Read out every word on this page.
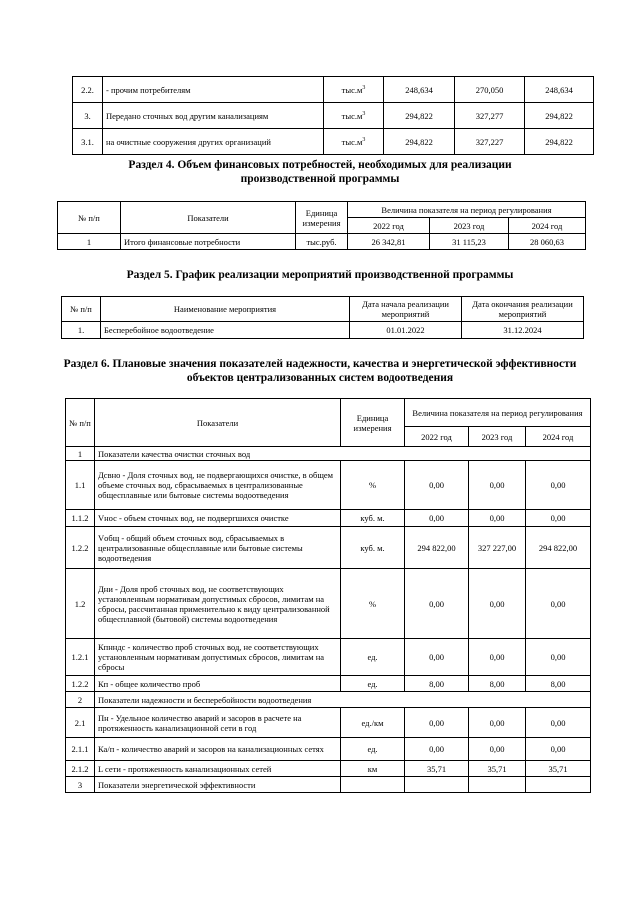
2.2.	- прочим потребителям	$тыс.м^3$	248,634	270,050	248,634
3.	Передано сточных вод другим канализациям	$тыс.м^3$	294,822	327,277	294,822
3.1.	на очистные сооружения других организаций	$тыс.м^3$	294,822	327,227	294,822
Раздел 4. Объем финансовых потребностей, необходимых для реализации
производственной программы
№ п/п	Показатели	Единица измерения	Величина показателя на период регулирования		
			2022 год	2023 год	2024 год
1	Итого финансовые потребности	тыс.руб.	26 342,81	31 115,23	28 060,63
Раздел 5. График реализации мероприятий производственной программы
№ п/п	Наименование мероприятия	Дата начала реализации мероприятий	Дата окончания реализации мероприятий
1.	Бесперебойное водоотведение	01.01.2022	31.12.2024
Раздел 6. Плановые значения показателей надежности, качества и энергетической эффективности
объектов централизованных систем водоотведения
№ п/п	Показатели	Единица измерения	Величина показателя на период регулирования		
			2022 год	2023 год	2024 год
1	Показатели качества очистки сточных вод				
1.1	Дсвно - Доля сточных вод, не подвергающихся очистке, в общем объеме сточных вод, сбрасываемых в централизованные общесплавные или бытовые системы водоотведения	%	0,00	0,00	0,00
1.1.2	Vнос - объем сточных вод, не подвергшихся очистке	куб. м.	0,00	0,00	0,00
1.2.2	Vобщ - общий объем сточных вод, сбрасываемых в централизованные общесплавные или бытовые системы водоотведения	куб. м.	294 822,00	327 227,00	294 822,00
1.2	Дни - Доля проб сточных вод, не соответствующих установленным нормативам допустимых сбросов, лимитам на сбросы, рассчитанная применительно к виду централизованной общесплавной (бытовой) системы водоотведения	%	0,00	0,00	0,00
1.2.1	Кпнндс - количество проб сточных вод, не соответствующих установленным нормативам допустимых сбросов, лимитам на сбросы	ед.	0,00	0,00	0,00
1.2.2	Кп - общее количество проб	ед.	8,00	8,00	8,00
2	Показатели надежности и бесперебойности водоотведения				
2.1	Пн - Удельное количество аварий и засоров в расчете на протяженность канализационной сети в год	ед./км	0,00	0,00	0,00
2.1.1	Ка/п - количество аварий и засоров на канализационных сетях	ед.	0,00	0,00	0,00
2.1.2	L сети - протяженность канализационных сетей	км	35,71	35,71	35,71
3	Показатели энергетической эффективности				
